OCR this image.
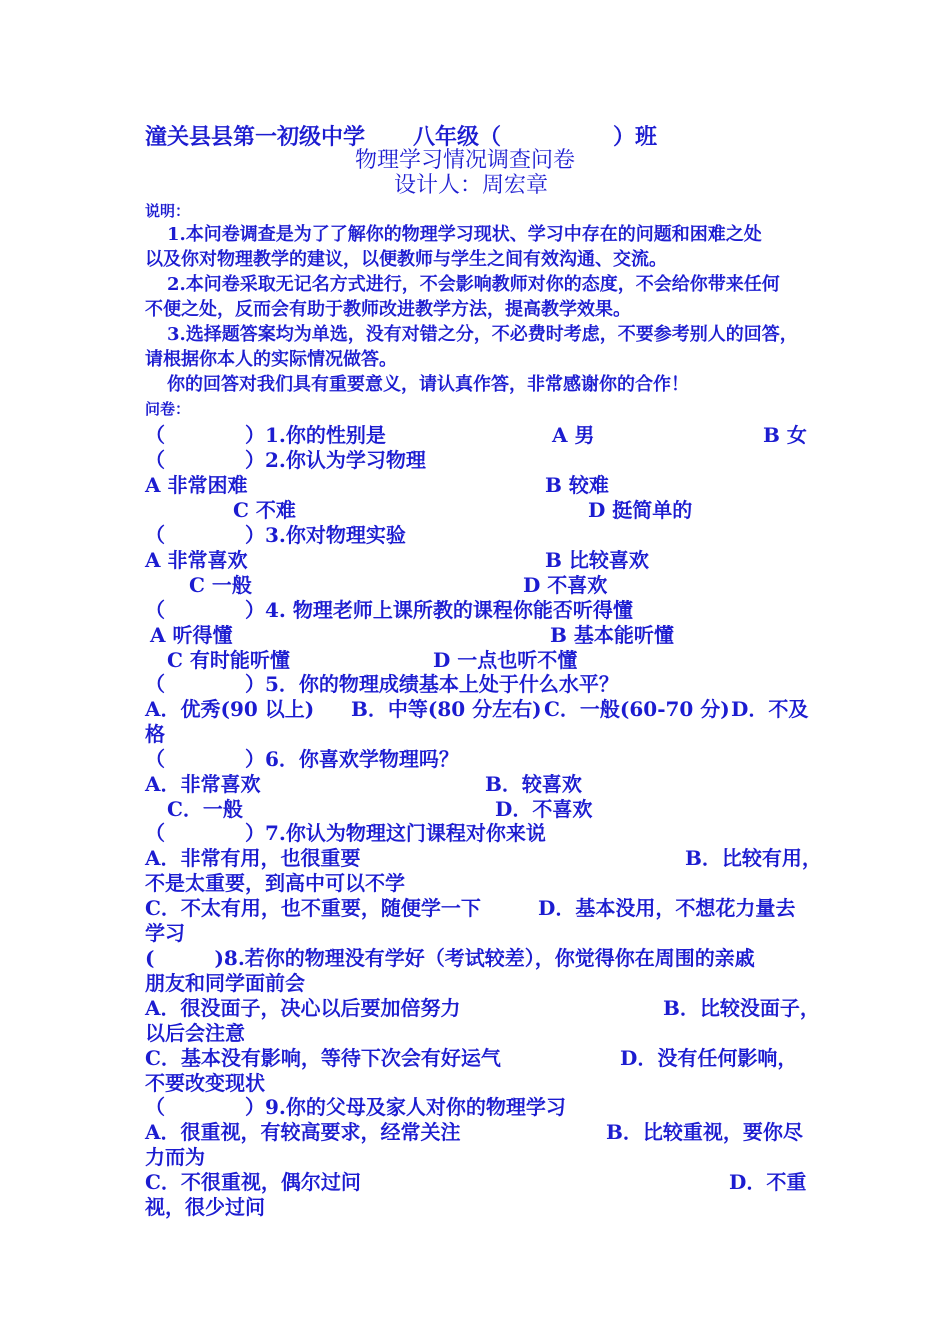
潼关县县第一初级中学 八年级（	）班
物理学习情况调查问卷
设计人：周宏章
说明：
1.本问卷调查是为了了解你的物理学习现状、学习中存在的问题和困难之处
以及你对物理教学的建议，以便教师与学生之间有效沟通、交流。
2.本问卷采取无记名方式进行，不会影响教师对你的态度，不会给你带来任何
不便之处，反而会有助于教师改进教学方法，提高教学效果。
3.选择题答案均为单选，没有对错之分，不必费时考虑，不要参考别人的回答，
请根据你本人的实际情况做答。
你的回答对我们具有重要意义，请认真作答，非常感谢你的合作！
问卷：
（　　　　）1.你的性别是	A 男	B 女
（　　　　）2.你认为学习物理
A 非常困难	B 较难
C 不难	D 挺简单的
（　　　　）3.你对物理实验
A 非常喜欢	B 比较喜欢
C 一般	D 不喜欢
（　　　　）4. 物理老师上课所教的课程你能否听得懂
A 听得懂	B 基本能听懂
C 有时能听懂	D 一点也听不懂
（　　　　）5．你的物理成绩基本上处于什么水平？
A．优秀(90 以上) B．中等(80 分左右) C．一般(60-70 分) D．不及
格
（　　　　）6．你喜欢学物理吗？
A．非常喜欢	B．较喜欢
C．一般	D．不喜欢
（　　　　）7.你认为物理这门课程对你来说
A．非常有用，也很重要	B．比较有用，
不是太重要，到高中可以不学
C．不太有用，也不重要，随便学一下	D．基本没用，不想花力量去
学习
(　　　)8.若你的物理没有学好（考试较差），你觉得你在周围的亲戚
朋友和同学面前会
A．很没面子，决心以后要加倍努力	B．比较没面子，
以后会注意
C．基本没有影响，等待下次会有好运气	D．没有任何影响，
不要改变现状
（　　　　）9.你的父母及家人对你的物理学习
A．很重视，有较高要求，经常关注	B．比较重视，要你尽
力而为
C．不很重视，偶尔过问	D．不重
视，很少过问
